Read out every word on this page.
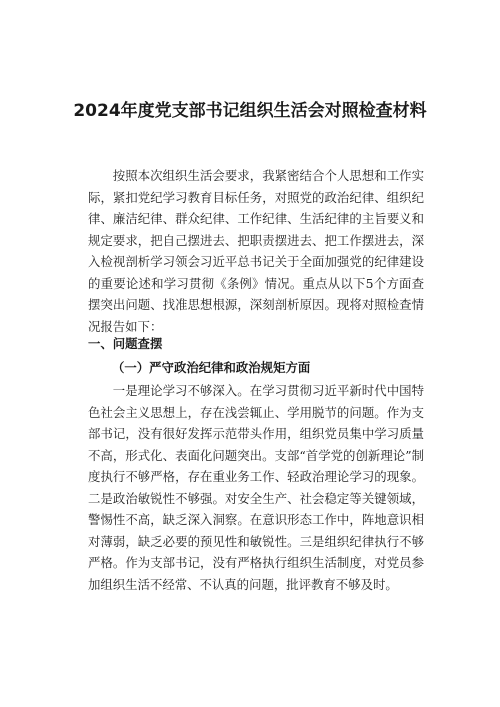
2024年度党支部书记组织生活会对照检查材料

按照本次组织生活会要求，我紧密结合个人思想和工作实际，紧扣党纪学习教育目标任务，对照党的政治纪律、组织纪律、廉洁纪律、群众纪律、工作纪律、生活纪律的主旨要义和规定要求，把自己摆进去、把职责摆进去、把工作摆进去，深入检视剖析学习领会习近平总书记关于全面加强党的纪律建设的重要论述和学习贯彻《条例》情况。重点从以下5个方面查摆突出问题、找准思想根源，深刻剖析原因。现将对照检查情况报告如下：

一、问题查摆
（一）严守政治纪律和政治规矩方面

一是理论学习不够深入。在学习贯彻习近平新时代中国特色社会主义思想上，存在浅尝辄止、学用脱节的问题。作为支部书记，没有很好发挥示范带头作用，组织党员集中学习质量不高，形式化、表面化问题突出。支部“首学党的创新理论”制度执行不够严格，存在重业务工作、轻政治理论学习的现象。二是政治敏锐性不够强。对安全生产、社会稳定等关键领域，警惕性不高，缺乏深入洞察。在意识形态工作中，阵地意识相对薄弱，缺乏必要的预见性和敏锐性。三是组织纪律执行不够严格。作为支部书记，没有严格执行组织生活制度，对党员参加组织生活不经常、不认真的问题，批评教育不够及时。
